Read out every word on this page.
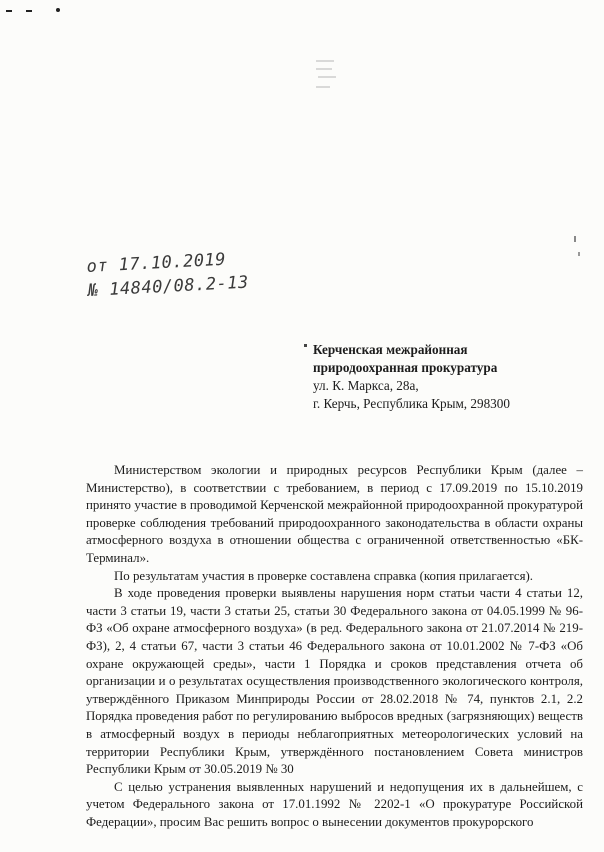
от 17.10.2019
№ 14840/08.2-13
Керченская межрайонная
природоохранная прокуратура
ул. К. Маркса, 28а,
г. Керчь, Республика Крым, 298300

Министерством экологии и природных ресурсов Республики Крым (далее – Министерство), в соответствии с требованием, в период с 17.09.2019 по 15.10.2019 принято участие в проводимой Керченской межрайонной природоохранной прокуратурой проверке соблюдения требований природоохранного законодательства в области охраны атмосферного воздуха в отношении общества с ограниченной ответственностью «БК-Терминал».

По результатам участия в проверке составлена справка (копия прилагается).

В ходе проведения проверки выявлены нарушения норм статьи части 4 статьи 12, части 3 статьи 19, части 3 статьи 25, статьи 30 Федерального закона от 04.05.1999 № 96-ФЗ «Об охране атмосферного воздуха» (в ред. Федерального закона от 21.07.2014 № 219-ФЗ), 2, 4 статьи 67, части 3 статьи 46 Федерального закона от 10.01.2002 № 7-ФЗ «Об охране окружающей среды», части 1 Порядка и сроков представления отчета об организации и о результатах осуществления производственного экологического контроля, утверждённого Приказом Минприроды России от 28.02.2018 № 74, пунктов 2.1, 2.2 Порядка проведения работ по регулированию выбросов вредных (загрязняющих) веществ в атмосферный воздух в периоды неблагоприятных метеорологических условий на территории Республики Крым, утверждённого постановлением Совета министров Республики Крым от 30.05.2019 № 30

С целью устранения выявленных нарушений и недопущения их в дальнейшем, с учетом Федерального закона от 17.01.1992 № 2202-1 «О прокуратуре Российской Федерации», просим Вас решить вопрос о вынесении документов прокурорского
